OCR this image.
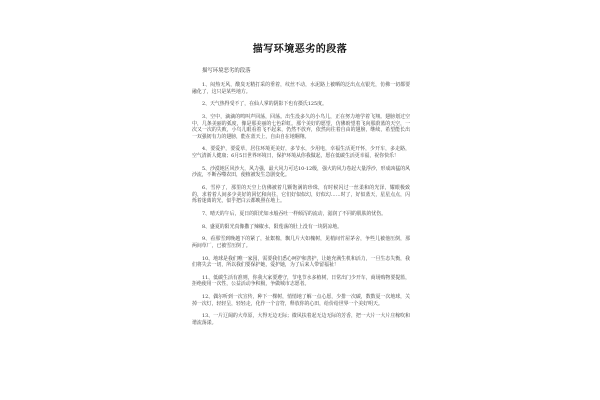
描写环境恶劣的段落
描写环境恶劣的段落

1、闷热无风，酸臭无精打采的垂着，纹丝不动，水泥路上被晒的泛出点点银光，仿佛一切都要融化了，这只是某些地方。

2、天气热得受不了，在仙人掌的阴影下也有摄氏125度。

3、空中，滴滴的鸣叫声回荡，回荡。出生没多久的小鸟儿，正在努力地学着飞翔。翅膀划过空中，几条美丽的弧度，像是那美丽的七色彩虹。那个美好的愿望，仿佛盼望着飞向那蔚蓝的天空，一次又一次的失败，小鸟儿眼看着飞不起来，仍然不放弃，依然向往着自由的翅膀，继续，希望能长出一双强韧有力的翅膀，能在蓝天上，自由自在地翱翔。

4、要爱护，要爱草，居住环境更美好，多节水，少用电，幸福生活更开怀，少开车，多走路，空气清新人健康；6月5日世界环境日，保护环境从你我做起，愿在低碳生活更幸福，祝你快乐！

5、沙漠地区风沙大，风力强，最大风力可达10-12级，强大的风力卷起大量浮沙，形成凶猛的风沙流，不断吞噬农田，使植被发生急剧变化。

6、雪停了，那里的天空上仿佛被着几颗饱满的珍珠，有时候闪过一丝柔和的光泽，耀眼极致的，求着着人间多少美好的回忆和向往，它们好似似幻，好似幻……时了，好似蓝天，星星点点，闪烁着迷离的光，似乎把白云都映照在地上。

7、晴天的午后，夏日的阳光如水般吞吐一样倾泻的流动，滋润了不同的肌肤的忧伤。

8、盛夏的阳光真像撒了辣椒水，阳莲荡的肚上没有一块阴凉地。

9、看那雪到晚越下的紧了，扯絮棉，飘几片大如槐树，见梢间竹屋茅舍，争些儿被他压倒，那两间草厂，已被雪压倒了。

10、地球是我们唯一家园，需要我们悉心呵护和善护，让她充满生机和活力，一旦生态失衡，我们将失去一切，所以我们要保护她，爱护她，为了后来人带留福祉！

11、低碳生活有准则，你我大家要遵守，节电节水多植树，日常出门少开车，商场购物要提篮，拒绝使用一次性，公益活动争积极，争做城市志愿者。

12、偶尔听到一次宣传，种下一棵树，悄悄地了解一点心愿，少排一次碳，数数夏一次地球，关掉一次灯，轻轻呈，轻轻走，化作一个音符，释放你的心田，给价给世界一个美好明天。

13、一片辽阔的大草原，大得无边无际；微风扶着起无边无际的芳香，把一大片一大片庄稼吹和谐流荡漾。
